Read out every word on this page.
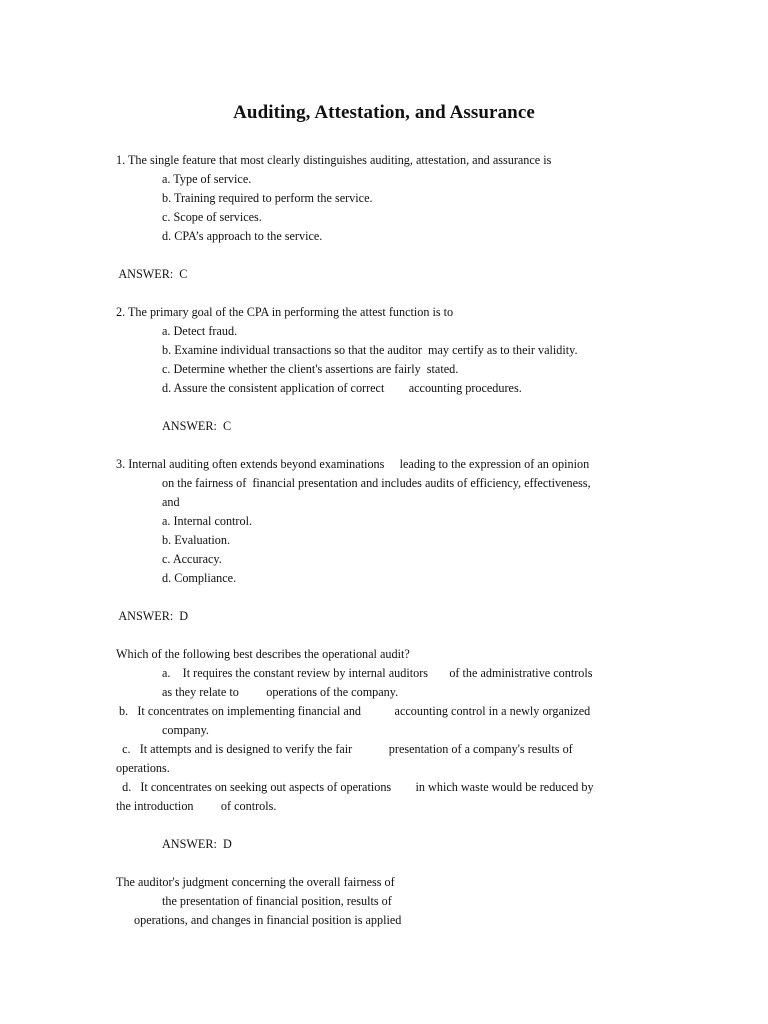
Auditing, Attestation, and Assurance
1. The single feature that most clearly distinguishes auditing, attestation, and assurance is
a. Type of service.
b. Training required to perform the service.
c. Scope of services.
d. CPA’s approach to the service.
ANSWER:  C
2. The primary goal of the CPA in performing the attest function is to
a. Detect fraud.
b. Examine individual transactions so that the auditor  may certify as to their validity.
c. Determine whether the client's assertions are fairly  stated.
d. Assure the consistent application of correct        accounting procedures.
ANSWER:  C
3. Internal auditing often extends beyond examinations     leading to the expression of an opinion
on the fairness of  financial presentation and includes audits of efficiency, effectiveness,
and
a. Internal control.
b. Evaluation.
c. Accuracy.
d. Compliance.
ANSWER:  D
Which of the following best describes the operational audit?
a.    It requires the constant review by internal auditors       of the administrative controls
as they relate to         operations of the company.
b.   It concentrates on implementing financial and           accounting control in a newly organized
company.
c.   It attempts and is designed to verify the fair            presentation of a company's results of
operations.
d.   It concentrates on seeking out aspects of operations        in which waste would be reduced by
the introduction         of controls.
ANSWER:  D
The auditor's judgment concerning the overall fairness of
the presentation of financial position, results of
operations, and changes in financial position is applied
